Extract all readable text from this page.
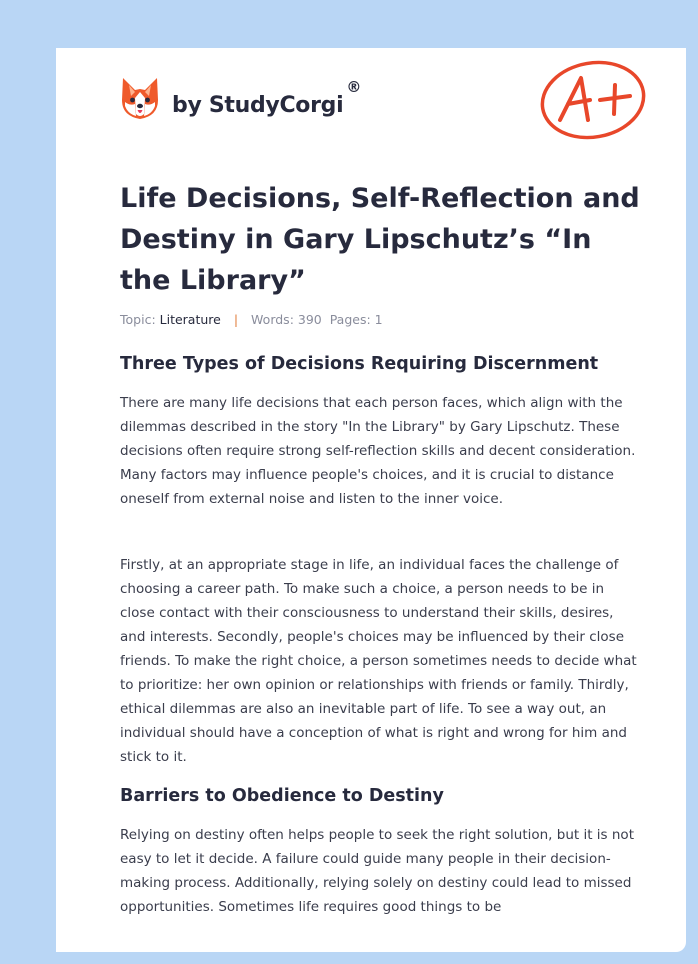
by StudyCorgi
®
Life Decisions, Self-Reflection and Destiny in Gary Lipschutz’s “In the Library”
Topic: Literature | Words: 390 Pages: 1
Three Types of Decisions Requiring Discernment

There are many life decisions that each person faces, which align with the dilemmas described in the story "In the Library" by Gary Lipschutz. These decisions often require strong self-reflection skills and decent consideration. Many factors may influence people's choices, and it is crucial to distance oneself from external noise and listen to the inner voice.

Firstly, at an appropriate stage in life, an individual faces the challenge of choosing a career path. To make such a choice, a person needs to be in close contact with their consciousness to understand their skills, desires, and interests. Secondly, people's choices may be influenced by their close friends. To make the right choice, a person sometimes needs to decide what to prioritize: her own opinion or relationships with friends or family. Thirdly, ethical dilemmas are also an inevitable part of life. To see a way out, an individual should have a conception of what is right and wrong for him and stick to it.

Barriers to Obedience to Destiny

Relying on destiny often helps people to seek the right solution, but it is not easy to let it decide. A failure could guide many people in their decision-making process. Additionally, relying solely on destiny could lead to missed opportunities. Sometimes life requires good things to be
